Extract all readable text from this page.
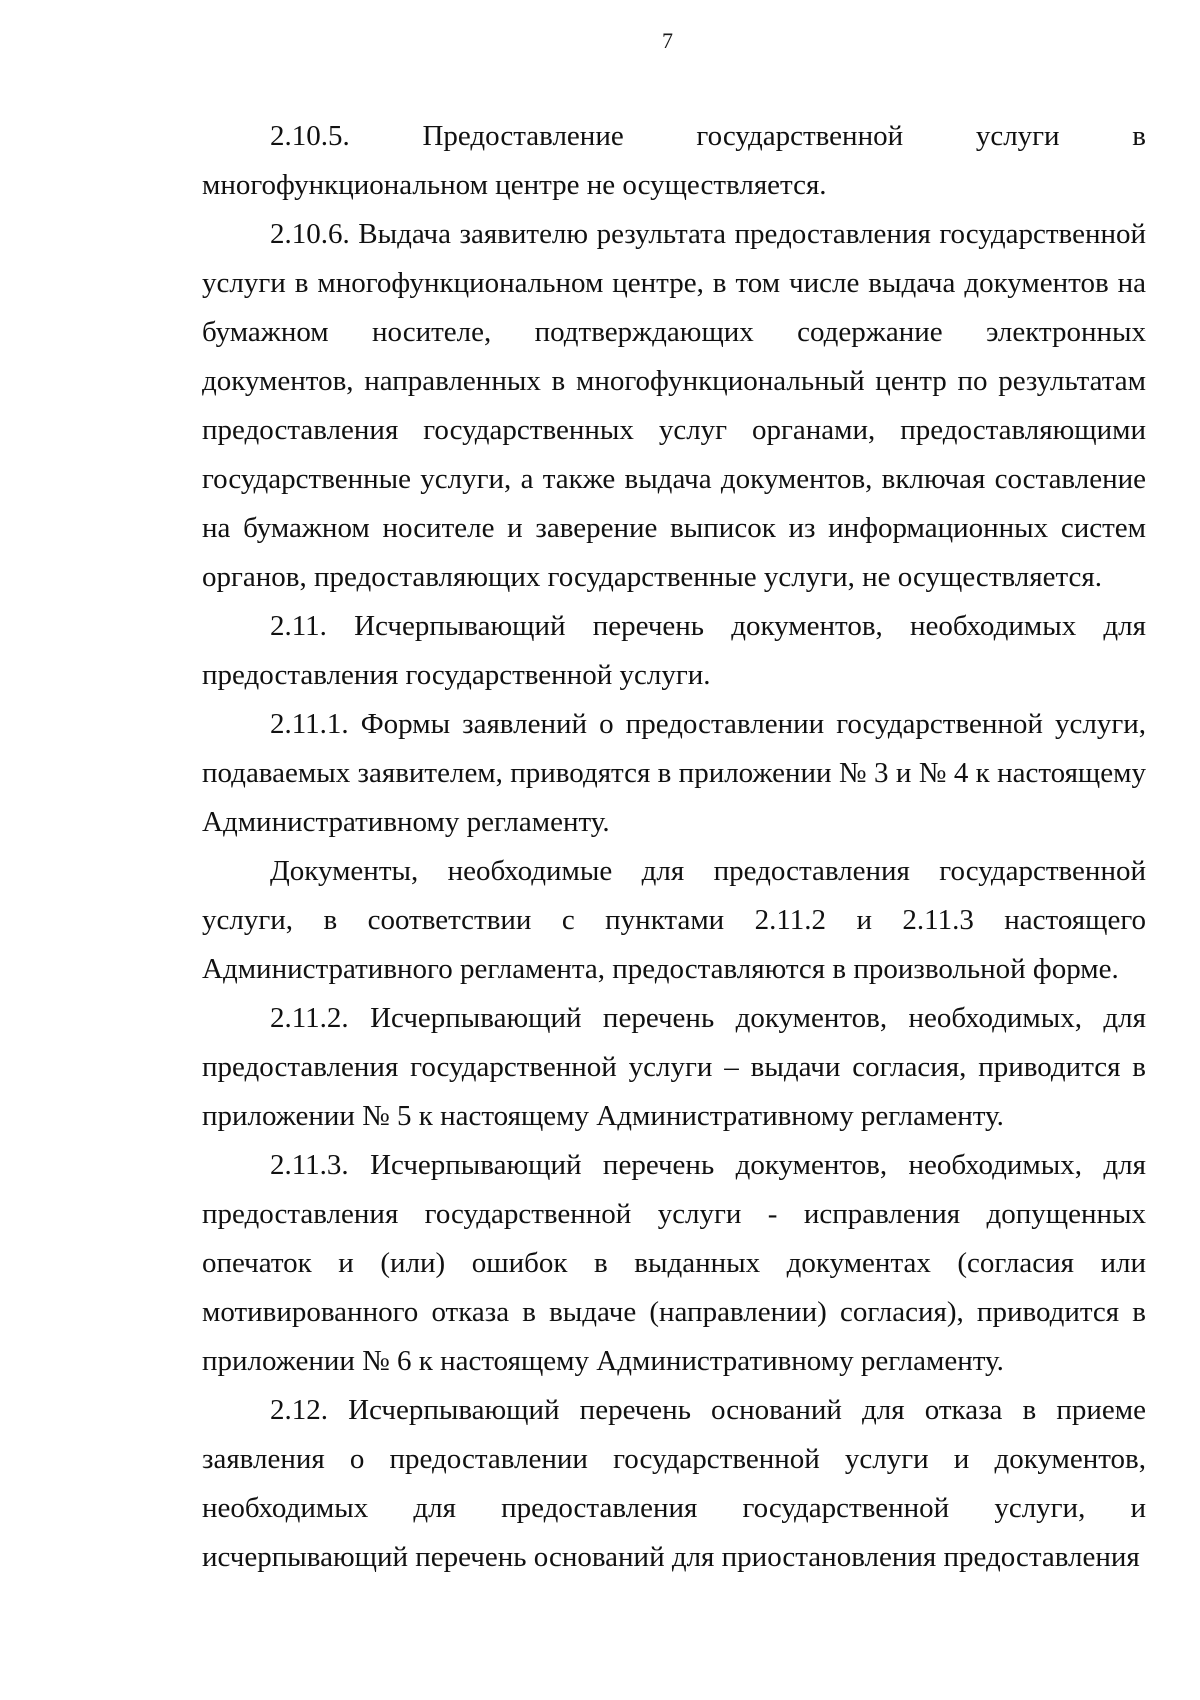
7

2.10.5. Предоставление государственной услуги в многофункциональном центре не осуществляется.

2.10.6. Выдача заявителю результата предоставления государственной услуги в многофункциональном центре, в том числе выдача документов на бумажном носителе, подтверждающих содержание электронных документов, направленных в многофункциональный центр по результатам предоставления государственных услуг органами, предоставляющими государственные услуги, а также выдача документов, включая составление на бумажном носителе и заверение выписок из информационных систем органов, предоставляющих государственные услуги, не осуществляется.

2.11. Исчерпывающий перечень документов, необходимых для предоставления государственной услуги.

2.11.1. Формы заявлений о предоставлении государственной услуги, подаваемых заявителем, приводятся в приложении № 3 и № 4 к настоящему Административному регламенту.

Документы, необходимые для предоставления государственной услуги, в соответствии с пунктами 2.11.2 и 2.11.3 настоящего Административного регламента, предоставляются в произвольной форме.

2.11.2. Исчерпывающий перечень документов, необходимых, для предоставления государственной услуги – выдачи согласия, приводится в приложении № 5 к настоящему Административному регламенту.

2.11.3. Исчерпывающий перечень документов, необходимых, для предоставления государственной услуги - исправления допущенных опечаток и (или) ошибок в выданных документах (согласия или мотивированного отказа в выдаче (направлении) согласия), приводится в приложении № 6 к настоящему Административному регламенту.

2.12. Исчерпывающий перечень оснований для отказа в приеме заявления о предоставлении государственной услуги и документов, необходимых для предоставления государственной услуги, и исчерпывающий перечень оснований для приостановления предоставления
